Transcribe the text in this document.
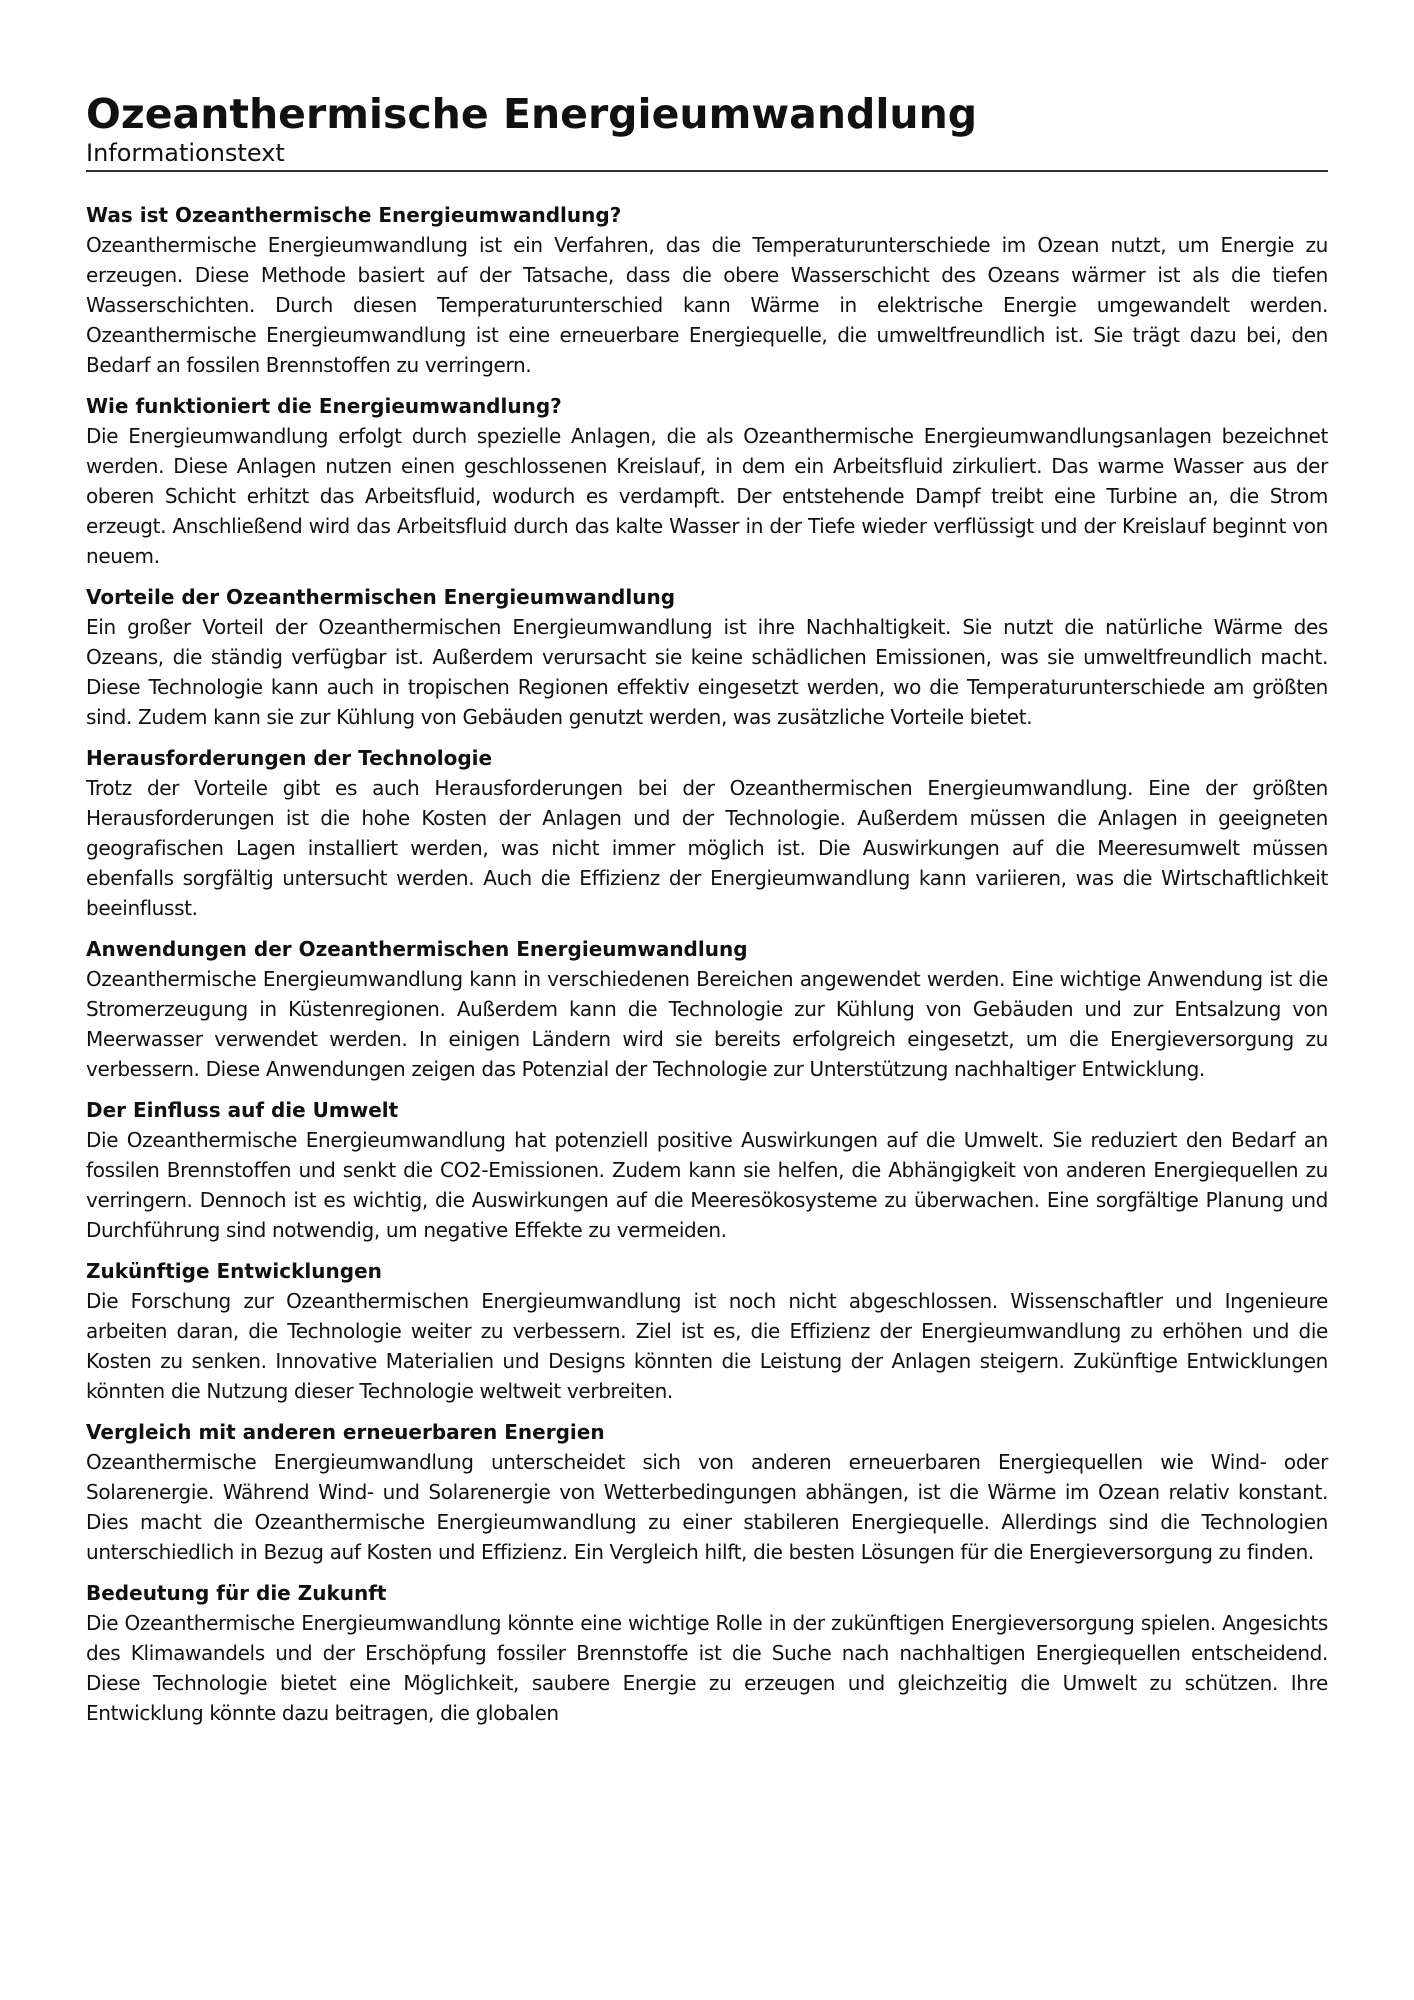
Ozeanthermische Energieumwandlung

Informationstext

Was ist Ozeanthermische Energieumwandlung?

Ozeanthermische Energieumwandlung ist ein Verfahren, das die Temperaturunterschiede im Ozean nutzt, um Energie zu erzeugen. Diese Methode basiert auf der Tatsache, dass die obere Wasserschicht des Ozeans wärmer ist als die tiefen Wasserschichten. Durch diesen Temperaturunterschied kann Wärme in elektrische Energie umgewandelt werden. Ozeanthermische Energieumwandlung ist eine erneuerbare Energiequelle, die umweltfreundlich ist. Sie trägt dazu bei, den Bedarf an fossilen Brennstoffen zu verringern.

Wie funktioniert die Energieumwandlung?

Die Energieumwandlung erfolgt durch spezielle Anlagen, die als Ozeanthermische Energieumwandlungsanlagen bezeichnet werden. Diese Anlagen nutzen einen geschlossenen Kreislauf, in dem ein Arbeitsfluid zirkuliert. Das warme Wasser aus der oberen Schicht erhitzt das Arbeitsfluid, wodurch es verdampft. Der entstehende Dampf treibt eine Turbine an, die Strom erzeugt. Anschließend wird das Arbeitsfluid durch das kalte Wasser in der Tiefe wieder verflüssigt und der Kreislauf beginnt von neuem.

Vorteile der Ozeanthermischen Energieumwandlung

Ein großer Vorteil der Ozeanthermischen Energieumwandlung ist ihre Nachhaltigkeit. Sie nutzt die natürliche Wärme des Ozeans, die ständig verfügbar ist. Außerdem verursacht sie keine schädlichen Emissionen, was sie umweltfreundlich macht. Diese Technologie kann auch in tropischen Regionen effektiv eingesetzt werden, wo die Temperaturunterschiede am größten sind. Zudem kann sie zur Kühlung von Gebäuden genutzt werden, was zusätzliche Vorteile bietet.

Herausforderungen der Technologie

Trotz der Vorteile gibt es auch Herausforderungen bei der Ozeanthermischen Energieumwandlung. Eine der größten Herausforderungen ist die hohe Kosten der Anlagen und der Technologie. Außerdem müssen die Anlagen in geeigneten geografischen Lagen installiert werden, was nicht immer möglich ist. Die Auswirkungen auf die Meeresumwelt müssen ebenfalls sorgfältig untersucht werden. Auch die Effizienz der Energieumwandlung kann variieren, was die Wirtschaftlichkeit beeinflusst.

Anwendungen der Ozeanthermischen Energieumwandlung

Ozeanthermische Energieumwandlung kann in verschiedenen Bereichen angewendet werden. Eine wichtige Anwendung ist die Stromerzeugung in Küstenregionen. Außerdem kann die Technologie zur Kühlung von Gebäuden und zur Entsalzung von Meerwasser verwendet werden. In einigen Ländern wird sie bereits erfolgreich eingesetzt, um die Energieversorgung zu verbessern. Diese Anwendungen zeigen das Potenzial der Technologie zur Unterstützung nachhaltiger Entwicklung.

Der Einfluss auf die Umwelt

Die Ozeanthermische Energieumwandlung hat potenziell positive Auswirkungen auf die Umwelt. Sie reduziert den Bedarf an fossilen Brennstoffen und senkt die CO2-Emissionen. Zudem kann sie helfen, die Abhängigkeit von anderen Energiequellen zu verringern. Dennoch ist es wichtig, die Auswirkungen auf die Meeresökosysteme zu überwachen. Eine sorgfältige Planung und Durchführung sind notwendig, um negative Effekte zu vermeiden.

Zukünftige Entwicklungen

Die Forschung zur Ozeanthermischen Energieumwandlung ist noch nicht abgeschlossen. Wissenschaftler und Ingenieure arbeiten daran, die Technologie weiter zu verbessern. Ziel ist es, die Effizienz der Energieumwandlung zu erhöhen und die Kosten zu senken. Innovative Materialien und Designs könnten die Leistung der Anlagen steigern. Zukünftige Entwicklungen könnten die Nutzung dieser Technologie weltweit verbreiten.

Vergleich mit anderen erneuerbaren Energien

Ozeanthermische Energieumwandlung unterscheidet sich von anderen erneuerbaren Energiequellen wie Wind- oder Solarenergie. Während Wind- und Solarenergie von Wetterbedingungen abhängen, ist die Wärme im Ozean relativ konstant. Dies macht die Ozeanthermische Energieumwandlung zu einer stabileren Energiequelle. Allerdings sind die Technologien unterschiedlich in Bezug auf Kosten und Effizienz. Ein Vergleich hilft, die besten Lösungen für die Energieversorgung zu finden.

Bedeutung für die Zukunft

Die Ozeanthermische Energieumwandlung könnte eine wichtige Rolle in der zukünftigen Energieversorgung spielen. Angesichts des Klimawandels und der Erschöpfung fossiler Brennstoffe ist die Suche nach nachhaltigen Energiequellen entscheidend. Diese Technologie bietet eine Möglichkeit, saubere Energie zu erzeugen und gleichzeitig die Umwelt zu schützen. Ihre Entwicklung könnte dazu beitragen, die globalen
